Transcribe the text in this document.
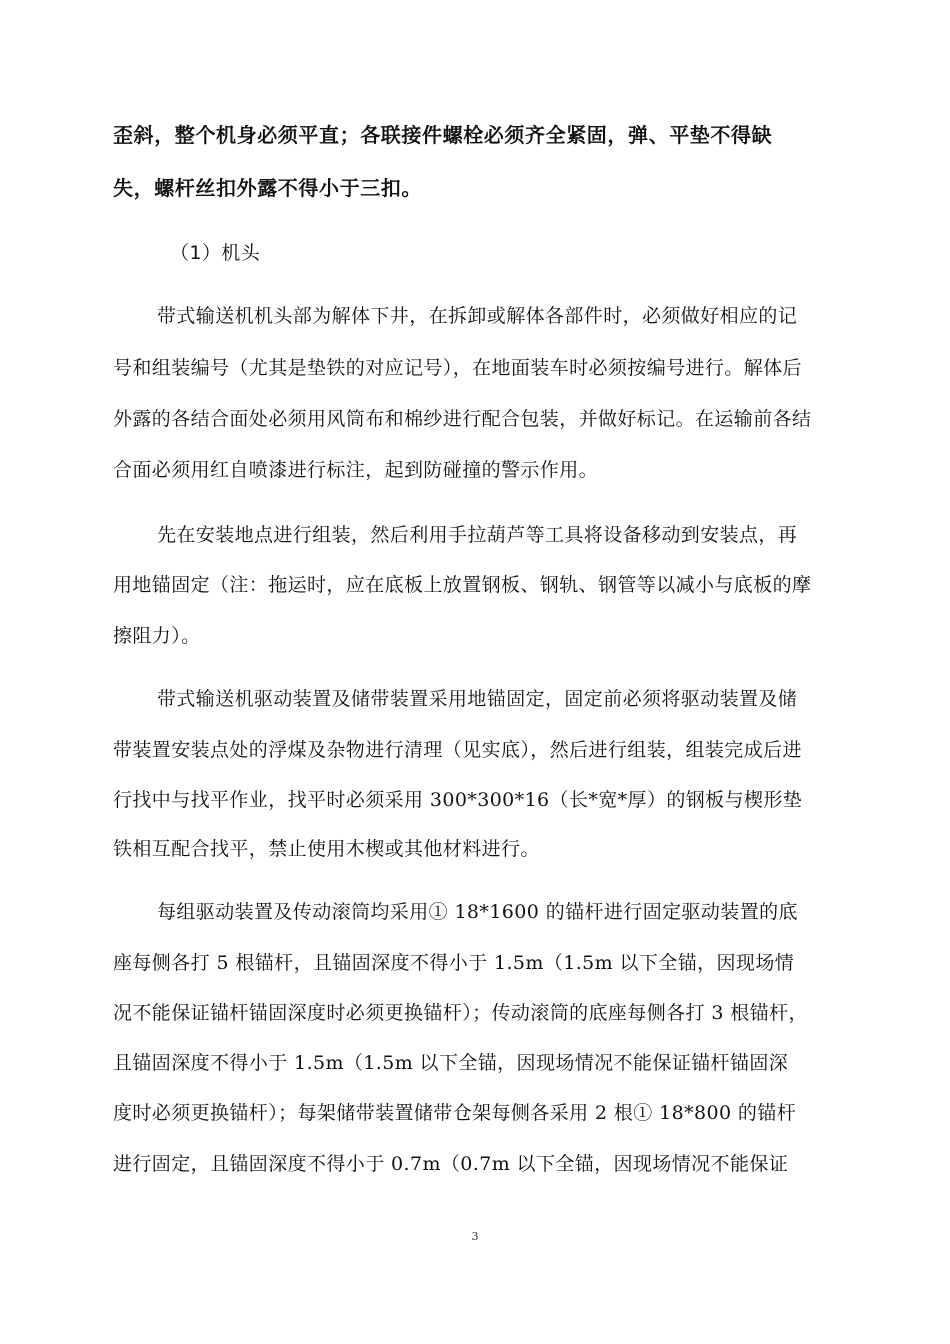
歪斜，整个机身必须平直；各联接件螺栓必须齐全紧固，弹、平垫不得缺
失，螺杆丝扣外露不得小于三扣。
（1）机头
带式输送机机头部为解体下井，在拆卸或解体各部件时，必须做好相应的记
号和组装编号（尤其是垫铁的对应记号），在地面装车时必须按编号进行。解体后
外露的各结合面处必须用风筒布和棉纱进行配合包装，并做好标记。在运输前各结
合面必须用红自喷漆进行标注，起到防碰撞的警示作用。
先在安装地点进行组装，然后利用手拉葫芦等工具将设备移动到安装点，再
用地锚固定（注：拖运时，应在底板上放置钢板、钢轨、钢管等以减小与底板的摩
擦阻力）。
带式输送机驱动装置及储带装置采用地锚固定，固定前必须将驱动装置及储
带装置安装点处的浮煤及杂物进行清理（见实底），然后进行组装，组装完成后进
行找中与找平作业，找平时必须采用 300*300*16（长*宽*厚）的钢板与楔形垫
铁相互配合找平，禁止使用木楔或其他材料进行。
每组驱动装置及传动滚筒均采用① 18*1600 的锚杆进行固定驱动装置的底
座每侧各打 5 根锚杆，且锚固深度不得小于 1.5m（1.5m 以下全锚，因现场情
况不能保证锚杆锚固深度时必须更换锚杆）；传动滚筒的底座每侧各打 3 根锚杆，
且锚固深度不得小于 1.5m（1.5m 以下全锚，因现场情况不能保证锚杆锚固深
度时必须更换锚杆）；每架储带装置储带仓架每侧各采用 2 根① 18*800 的锚杆
进行固定，且锚固深度不得小于 0.7m（0.7m 以下全锚，因现场情况不能保证
3
